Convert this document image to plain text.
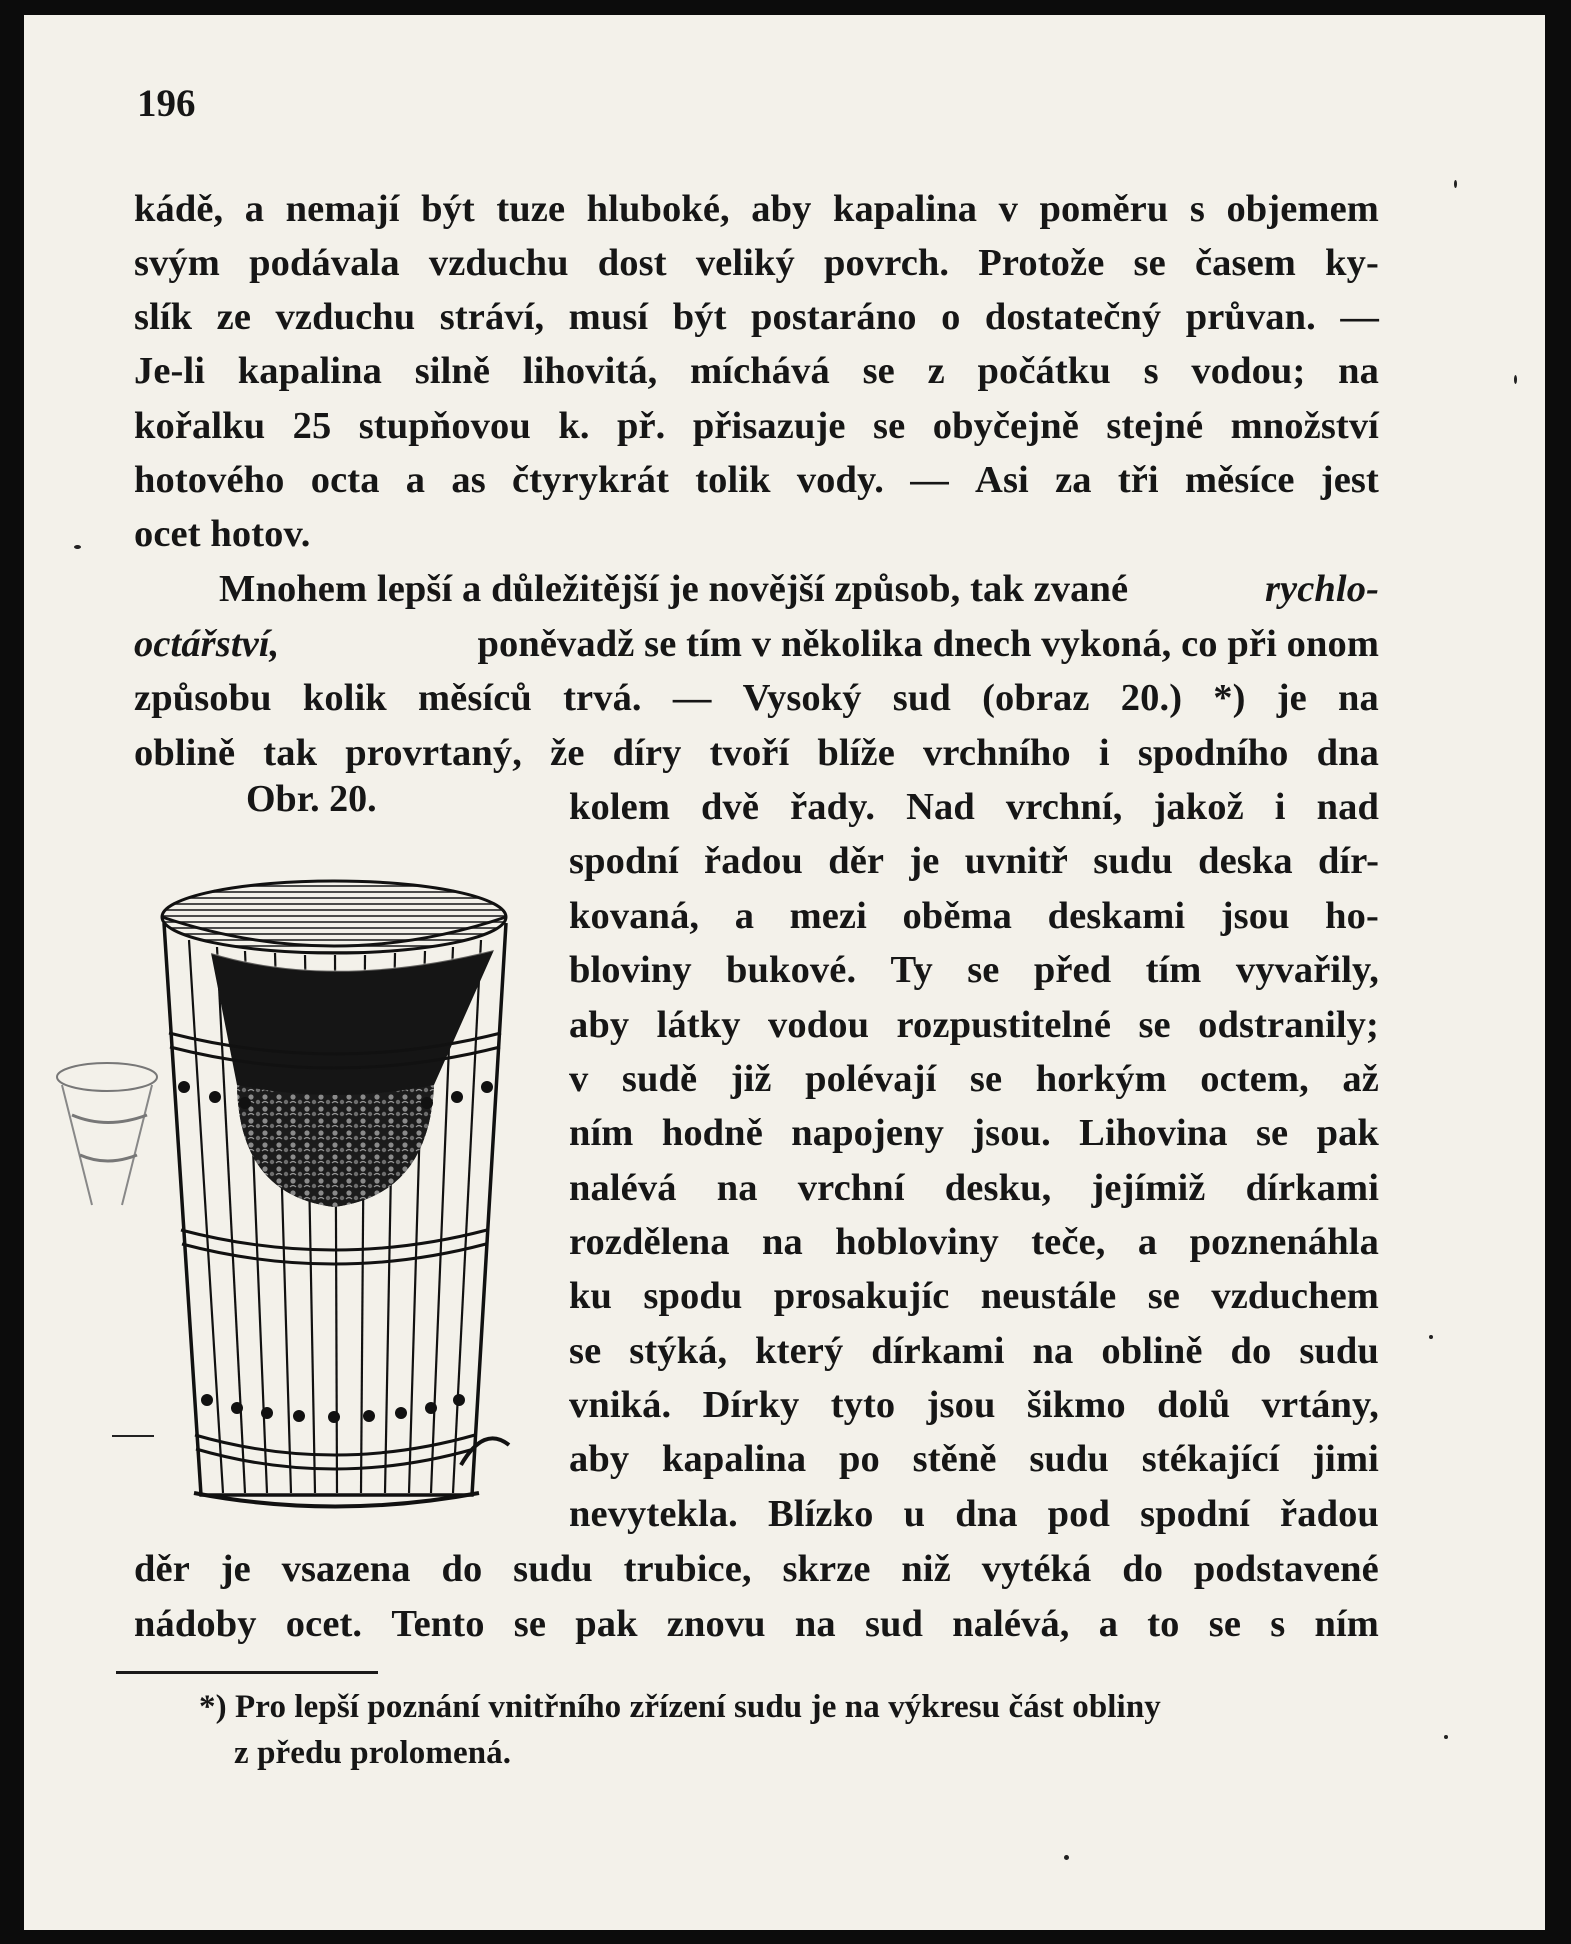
196
kádě, a nemají být tuze hluboké, aby kapalina v poměru s objemem
svým podávala vzduchu dost veliký povrch. Protože se časem ky-
slík ze vzduchu stráví, musí být postaráno o dostatečný průvan. —
Je-li kapalina silně lihovitá, míchává se z počátku s vodou; na
kořalku 25 stupňovou k. př. přisazuje se obyčejně stejné množství
hotového octa a as čtyrykrát tolik vody. — Asi za tři měsíce jest
ocet hotov.
Mnohem lepší a důležitější je novější způsob, tak zvané	rychlo-
octářství,	poněvadž se tím v několika dnech vykoná, co při onom
způsobu kolik měsíců trvá. — Vysoký sud (obraz 20.) *) je na
oblině tak provrtaný, že díry tvoří blíže vrchního i spodního dna
Obr. 20.	kolem dvě řady. Nad vrchní, jakož i nad
spodní řadou děr je uvnitř sudu deska dír-
kovaná, a mezi oběma deskami jsou ho-
bloviny bukové. Ty se před tím vyvařily,
aby látky vodou rozpustitelné se odstranily;
v sudě již polévají se horkým octem, až
ním hodně napojeny jsou. Lihovina se pak
nalévá na vrchní desku, jejímiž dírkami
rozdělena na hobloviny teče, a poznenáhla
ku spodu prosakujíc neustále se vzduchem
se stýká, který dírkami na oblině do sudu
vniká. Dírky tyto jsou šikmo dolů vrtány,
aby kapalina po stěně sudu stékající jimi
nevytekla. Blízko u dna pod spodní řadou
děr je vsazena do sudu trubice, skrze niž vytéká do podstavené
nádoby ocet. Tento se pak znovu na sud nalévá, a to se s ním
*) Pro lepší poznání vnitřního zřízení sudu je na výkresu část obliny
z předu prolomená.
